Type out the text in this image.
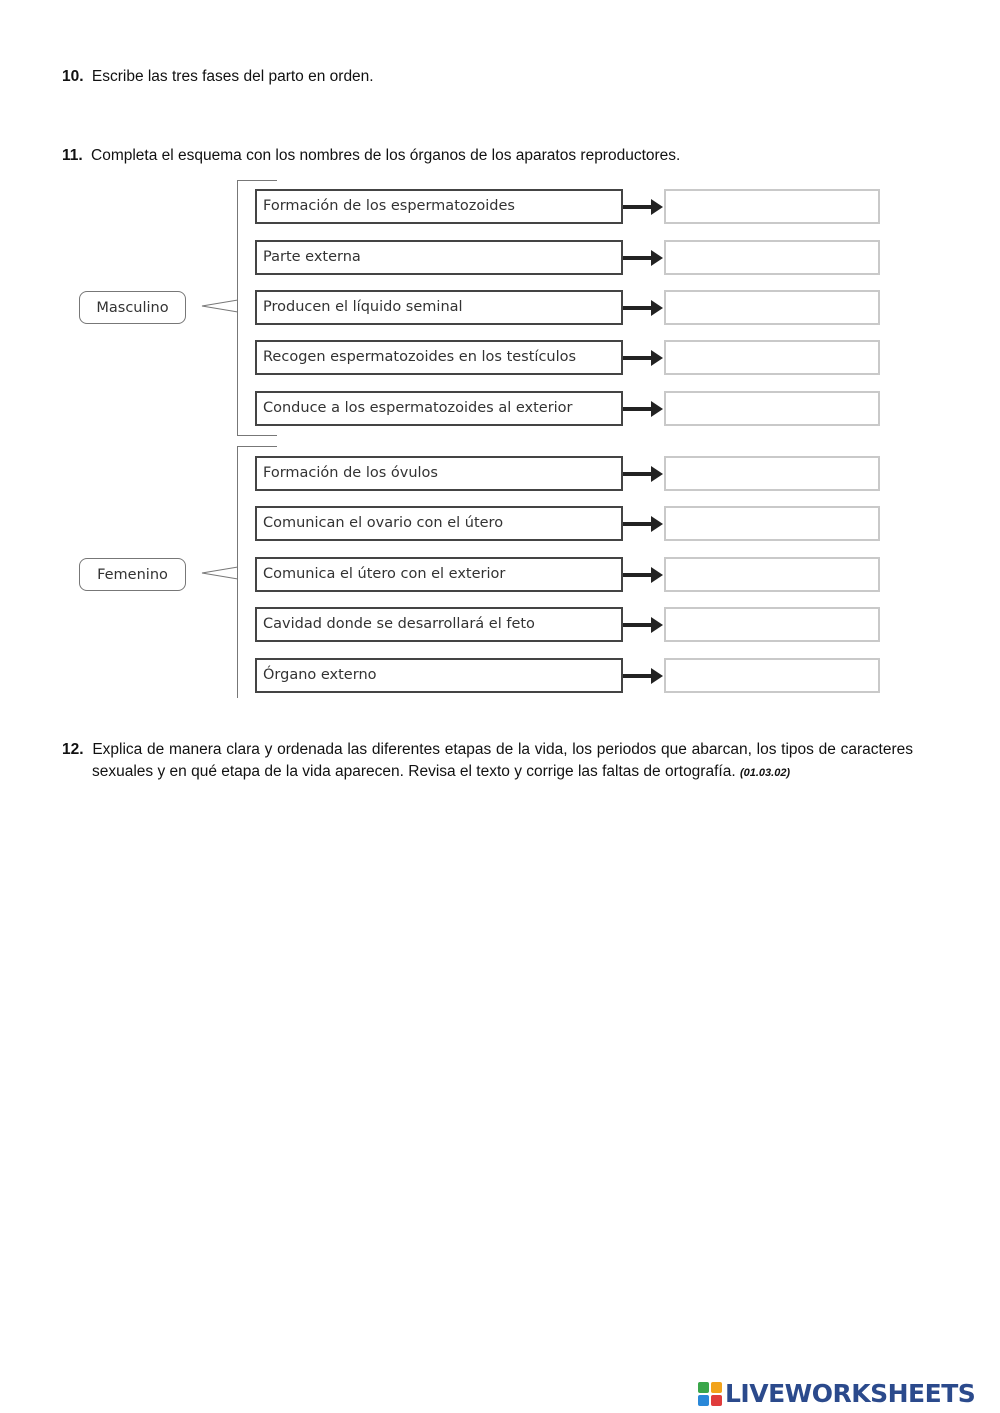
10. Escribe las tres fases del parto en orden.
11. Completa el esquema con los nombres de los órganos de los aparatos reproductores.
Masculino
Formación de los espermatozoides
Parte externa
Producen el líquido seminal
Recogen espermatozoides en los testículos
Conduce a los espermatozoides al exterior
Femenino
Formación de los óvulos
Comunican el ovario con el útero
Comunica el útero con el exterior
Cavidad donde se desarrollará el feto
Órgano externo
12. Explica de manera clara y ordenada las diferentes etapas de la vida, los periodos que abarcan, los tipos de caracteres sexuales y en qué etapa de la vida aparecen. Revisa el texto y corrige las faltas de ortografía. (01.03.02)
LIVEWORKSHEETS
